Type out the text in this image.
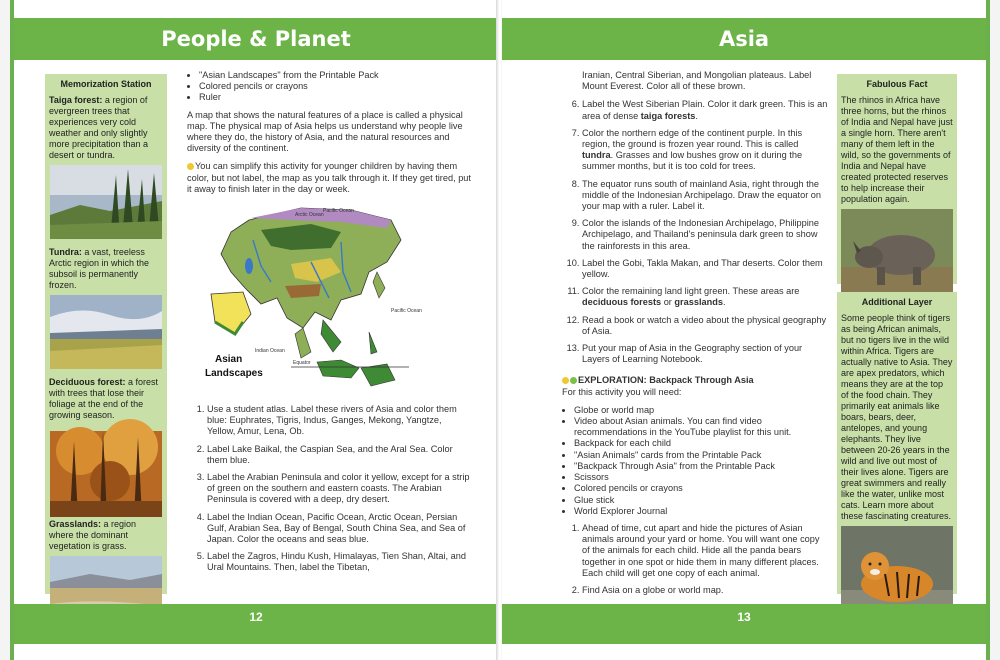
People & Planet
Memorization Station
Taiga forest: a region of evergreen trees that experiences very cold weather and only slightly more precipitation than a desert or tundra.
Tundra: a vast, treeless Arctic region in which the subsoil is permanently frozen.
Deciduous forest: a forest with trees that lose their foliage at the end of the growing season.
Grasslands: a region where the dominant vegetation is grass.
• "Asian Landscapes" from the Printable Pack
• Colored pencils or crayons
• Ruler

A map that shows the natural features of a place is called a physical map. The physical map of Asia helps us understand why people live where they do, the history of Asia, and the natural resources and diversity of the continent.

You can simplify this activity for younger children by having them color, but not label, the map as you talk through it. If they get tired, put it away to finish later in the day or week.

Pacific Ocean
Arctic Ocean
Pacific Ocean
Indian Ocean
Equator
Asian
Landscapes
1. Use a student atlas. Label these rivers of Asia and color them blue: Euphrates, Tigris, Indus, Ganges, Mekong, Yangtze, Yellow, Amur, Lena, Ob.
2. Label Lake Baikal, the Caspian Sea, and the Aral Sea. Color them blue.
3. Label the Arabian Peninsula and color it yellow, except for a strip of green on the southern and eastern coasts. The Arabian Peninsula is covered with a deep, dry desert.
4. Label the Indian Ocean, Pacific Ocean, Arctic Ocean, Persian Gulf, Arabian Sea, Bay of Bengal, South China Sea, and Sea of Japan. Color the oceans and seas blue.
5. Label the Zagros, Hindu Kush, Himalayas, Tien Shan, Altai, and Ural Mountains. Then, label the Tibetan,
12
Asia

Iranian, Central Siberian, and Mongolian plateaus. Label Mount Everest. Color all of these brown.

6. Label the West Siberian Plain. Color it dark green. This is an area of dense taiga forests.
7. Color the northern edge of the continent purple. In this region, the ground is frozen year round. This is called tundra. Grasses and low bushes grow on it during the summer months, but it is too cold for trees.
8. The equator runs south of mainland Asia, right through the middle of the Indonesian Archipelago. Draw the equator on your map with a ruler. Label it.
9. Color the islands of the Indonesian Archipelago, Philippine Archipelago, and Thailand's peninsula dark green to show the rainforests in this area.
10. Label the Gobi, Takla Makan, and Thar deserts. Color them yellow.
11. Color the remaining land light green. These areas are deciduous forests or grasslands.
12. Read a book or watch a video about the physical geography of Asia.
13. Put your map of Asia in the Geography section of your Layers of Learning Notebook.
EXPLORATION: Backpack Through Asia

For this activity you will need:

• Globe or world map
• Video about Asian animals. You can find video recommendations in the YouTube playlist for this unit.
• Backpack for each child
• "Asian Animals" cards from the Printable Pack
• "Backpack Through Asia" from the Printable Pack
• Scissors
• Colored pencils or crayons
• Glue stick
• World Explorer Journal
1. Ahead of time, cut apart and hide the pictures of Asian animals around your yard or home. You will want one copy of the animals for each child. Hide all the panda bears together in one spot or hide them in many different places. Each child will get one copy of each animal.
2. Find Asia on a globe or world map.
Fabulous Fact
The rhinos in Africa have three horns, but the rhinos of India and Nepal have just a single horn. There aren't many of them left in the wild, so the governments of India and Nepal have created protected reserves to help increase their population again.
Additional Layer
Some people think of tigers as being African animals, but no tigers live in the wild within Africa. Tigers are actually native to Asia. They are apex predators, which means they are at the top of the food chain. They primarily eat animals like boars, bears, deer, antelopes, and young elephants. They live between 20-26 years in the wild and live out most of their lives alone. Tigers are great swimmers and really like the water, unlike most cats. Learn more about these fascinating creatures.
13
